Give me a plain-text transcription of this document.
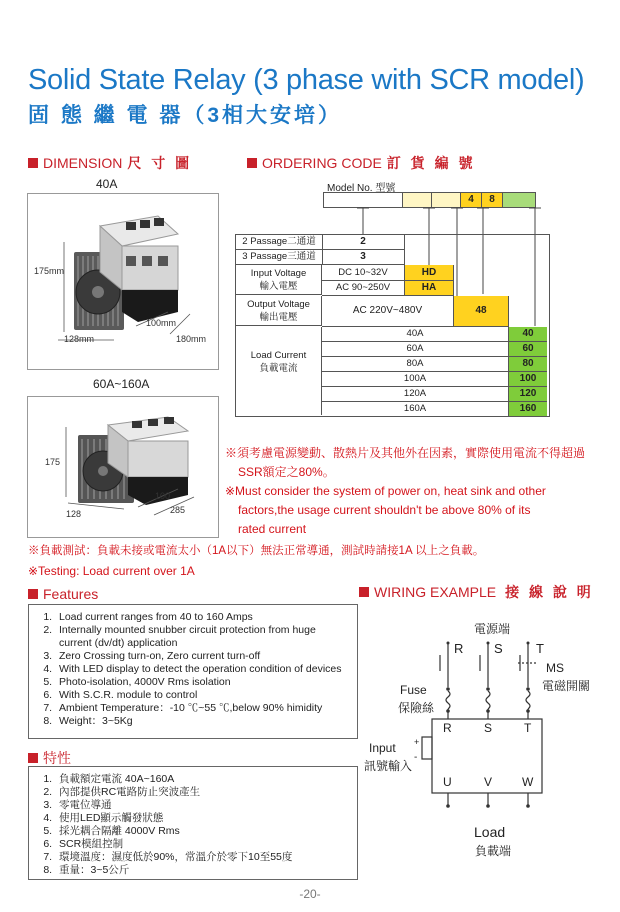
Solid State Relay (3 phase with SCR model)
固 態 繼 電 器（3相大安培）
DIMENSION 尺 寸 圖
40A
175mm
128mm
100mm
180mm
60A~160A
175
128
100
285
ORDERING CODE 訂 貨 編 號
Model No. 型號
4	8
2 Passage二通道	2
3 Passage三通道	3
Input Voltage
輸入電壓
DC 10~32V	HD
AC 90~250V	HA
Output Voltage
輸出電壓
AC 220V~480V	48
Load Current
負載電流
40A	40
60A	60
80A	80
100A	100
120A	120
160A	160
※須考慮電源變動、散熱片及其他外在因素，實際使用電流不得超過
SSR額定之80%。
※Must consider the system of power on, heat sink and other
factors,the usage current shouldn't be above 80% of its
rated current
※負載測試：負載未接或電流太小（1A以下）無法正常導通，測試時請接1A 以上之負載。
※Testing: Load current over 1A
Features
1. Load current ranges from 40 to 160 Amps
2. Internally mounted snubber circuit protection from huge current (dv/dt) application
3. Zero Crossing turn-on, Zero current turn-off
4. With LED display to detect the operation condition of devices
5. Photo-isolation, 4000V Rms isolation
6. With S.C.R. module to control
7. Ambient Temperature：-10 ℃~55 ℃,below 90% himidity
8. Weight：3~5Kg
特性
1. 負載額定電流 40A~160A
2. 內部提供RC電路防止突波產生
3. 零電位導通
4. 使用LED顯示觸發狀態
5. 採光耦合隔離 4000V Rms
6. SCR模組控制
7. 環境溫度：濕度低於90%，常溫介於零下10至55度
8. 重量：3~5公斤
WIRING EXAMPLE 接 線 說 明
電源端
R S	T
MS
電磁開關
Fuse
保險絲
R	S	T
U	V W
Input +
訊號輸入
-
Load
負載端
-20-
